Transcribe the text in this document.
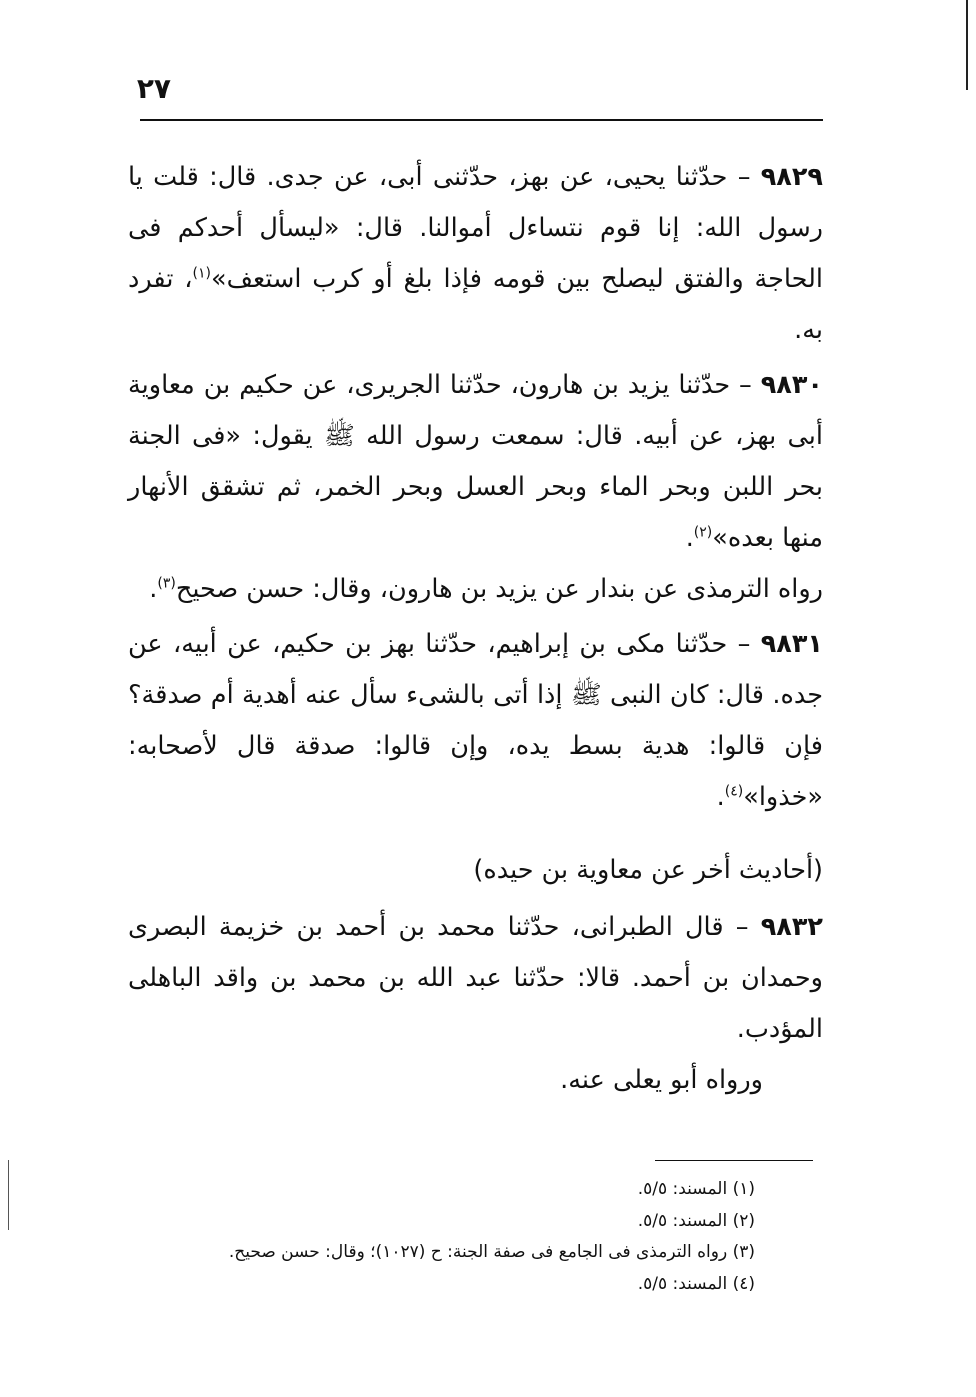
٢٧

٩٨٢٩ – حدّثنا يحيى، عن بهز، حدّثنى أبى، عن جدى. قال: قلت يا رسول الله: إنا قوم نتساءل أموالنا. قال: «ليسأل أحدكم فى الحاجة والفتق ليصلح بين قومه فإذا بلغ أو كرب استعف»$^{(١)}$، تفرد به.

٩٨٣٠ – حدّثنا يزيد بن هارون، حدّثنا الجريرى، عن حكيم بن معاوية أبى بهز، عن أبيه. قال: سمعت رسول الله ﷺ يقول: «فى الجنة بحر اللبن وبحر الماء وبحر العسل وبحر الخمر، ثم تشقق الأنهار منها بعده»$^{(٢)}$.

رواه الترمذى عن بندار عن يزيد بن هارون، وقال: حسن صحيح$^{(٣)}$.

٩٨٣١ – حدّثنا مكى بن إبراهيم، حدّثنا بهز بن حكيم، عن أبيه، عن جده. قال: كان النبى ﷺ إذا أتى بالشىء سأل عنه أهدية أم صدقة؟ فإن قالوا: هدية بسط يده، وإن قالوا: صدقة قال لأصحابه: «خذوا»$^{(٤)}$.

(أحاديث أخر عن معاوية بن حيده)

٩٨٣٢ – قال الطبرانى، حدّثنا محمد بن أحمد بن خزيمة البصرى وحمدان بن أحمد. قالا: حدّثنا عبد الله بن محمد بن واقد الباهلى المؤدب.

ورواه أبو يعلى عنه.

(١) المسند: ٥/٥.
(٢) المسند: ٥/٥.
(٣) رواه الترمذى فى الجامع فى صفة الجنة: ح (١٠٢٧)؛ وقال: حسن صحيح.
(٤) المسند: ٥/٥.
